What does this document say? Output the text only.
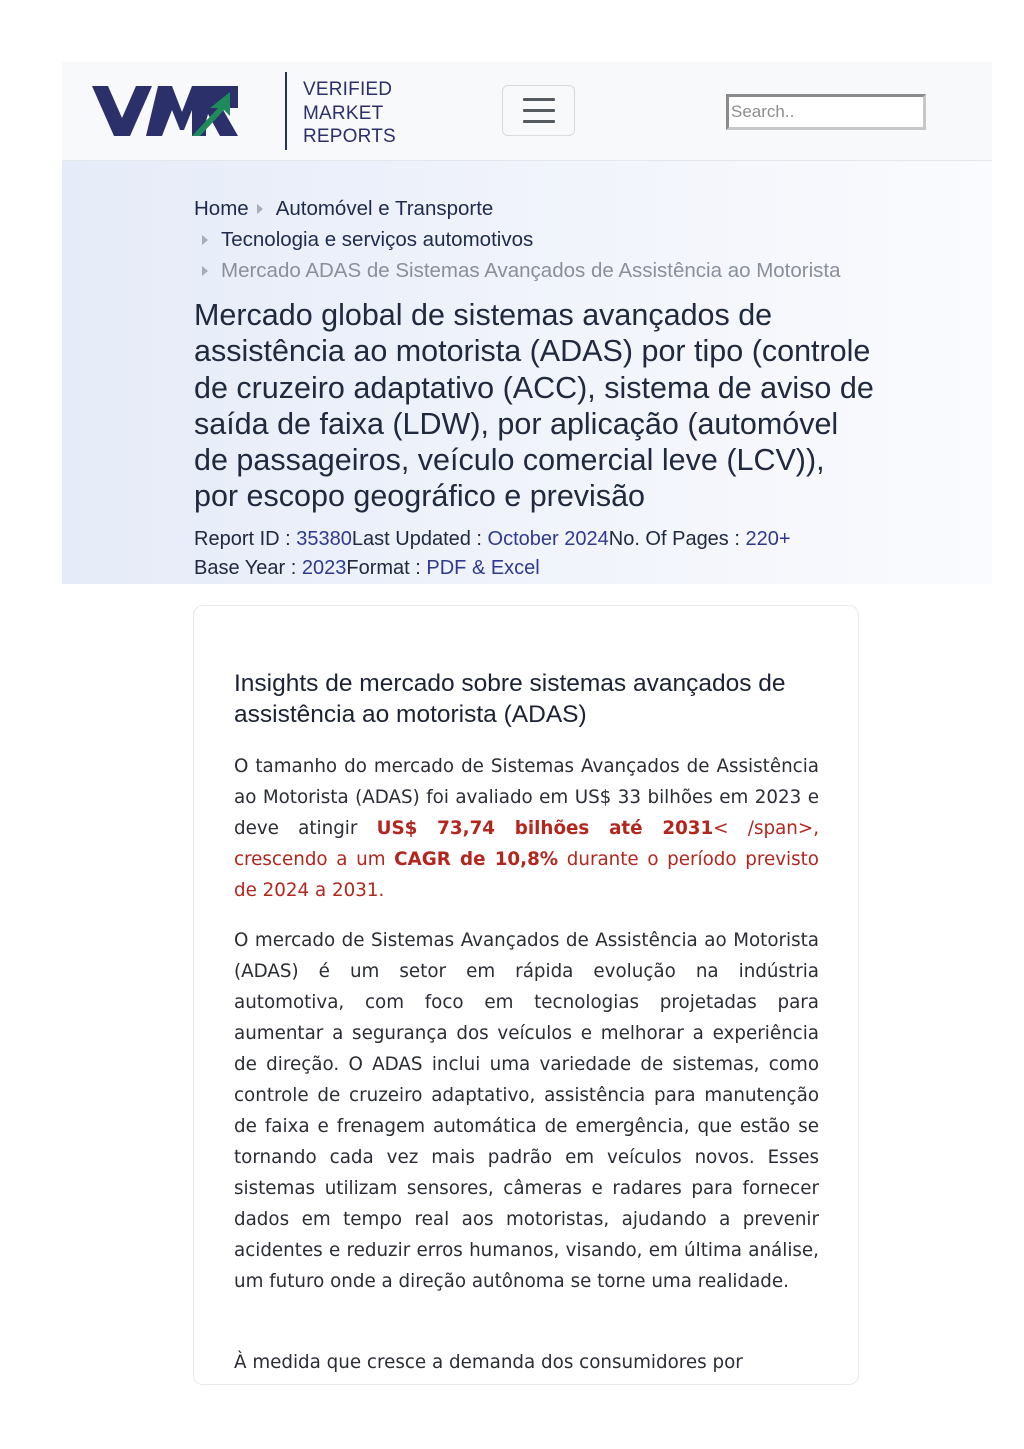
VERIFIED
MARKET
REPORTS
Search..
Home Automóvel e Transporte
Tecnologia e serviços automotivos
Mercado ADAS de Sistemas Avançados de Assistência ao Motorista
Mercado global de sistemas avançados de assistência ao motorista (ADAS) por tipo (controle de cruzeiro adaptativo (ACC), sistema de aviso de saída de faixa (LDW), por aplicação (automóvel de passageiros, veículo comercial leve (LCV)), por escopo geográfico e previsão
Report ID : 35380Last Updated : October 2024No. Of Pages : 220+
Base Year : 2023Format : PDF & Excel
Insights de mercado sobre sistemas avançados de assistência ao motorista (ADAS)

O tamanho do mercado de Sistemas Avançados de Assistência ao Motorista (ADAS) foi avaliado em US$ 33 bilhões em 2023 e deve atingir US$ 73,74 bilhões até 2031< /span>, crescendo a um CAGR de 10,8% durante o período previsto de 2024 a 2031.

O mercado de Sistemas Avançados de Assistência ao Motorista (ADAS) é um setor em rápida evolução na indústria automotiva, com foco em tecnologias projetadas para aumentar a segurança dos veículos e melhorar a experiência de direção. O ADAS inclui uma variedade de sistemas, como controle de cruzeiro adaptativo, assistência para manutenção de faixa e frenagem automática de emergência, que estão se tornando cada vez mais padrão em veículos novos. Esses sistemas utilizam sensores, câmeras e radares para fornecer dados em tempo real aos motoristas, ajudando a prevenir acidentes e reduzir erros humanos, visando, em última análise, um futuro onde a direção autônoma se torne uma realidade.

À medida que cresce a demanda dos consumidores por
